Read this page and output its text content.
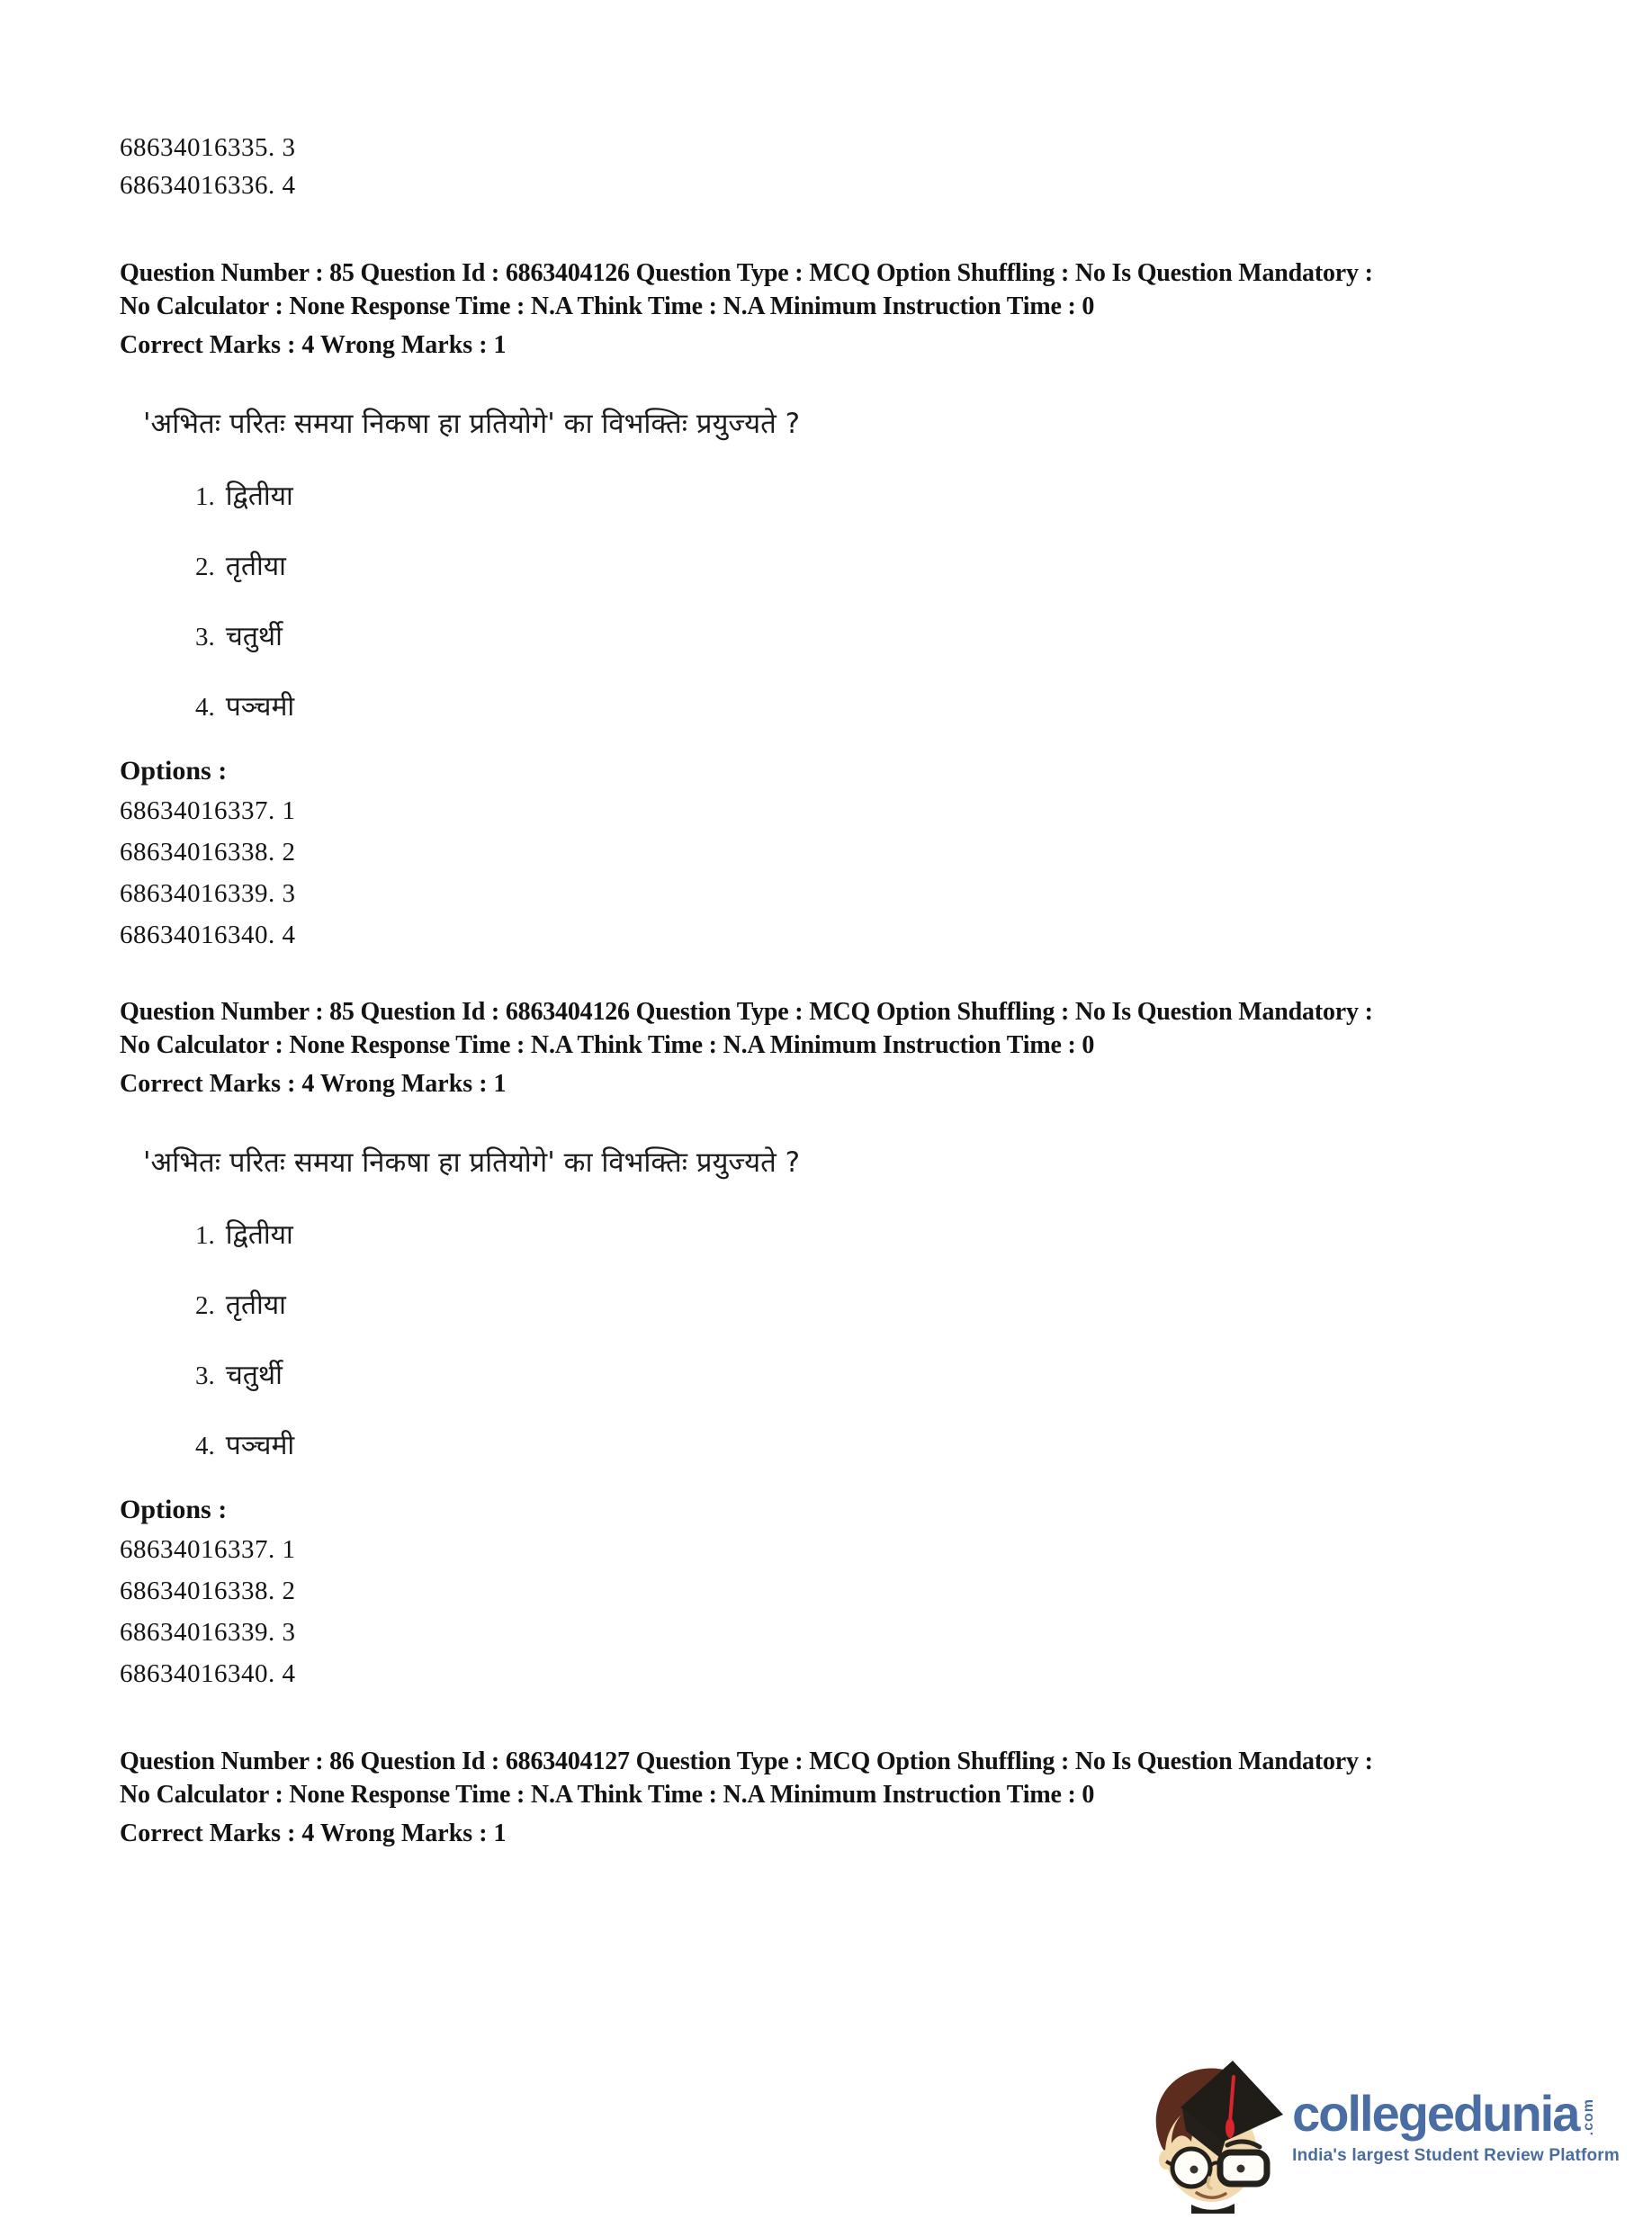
68634016335. 3
68634016336. 4
Question Number : 85 Question Id : 6863404126 Question Type : MCQ Option Shuffling : No Is Question Mandatory :
No Calculator : None Response Time : N.A Think Time : N.A Minimum Instruction Time : 0
Correct Marks : 4 Wrong Marks : 1
'अभितः परितः समया निकषा हा प्रतियोगे' का विभक्तिः प्रयुज्यते ?
1. द्वितीया
2. तृतीया
3. चतुर्थी
4. पञ्चमी
Options :
68634016337. 1
68634016338. 2
68634016339. 3
68634016340. 4
Question Number : 85 Question Id : 6863404126 Question Type : MCQ Option Shuffling : No Is Question Mandatory :
No Calculator : None Response Time : N.A Think Time : N.A Minimum Instruction Time : 0
Correct Marks : 4 Wrong Marks : 1
'अभितः परितः समया निकषा हा प्रतियोगे' का विभक्तिः प्रयुज्यते ?
1. द्वितीया
2. तृतीया
3. चतुर्थी
4. पञ्चमी
Options :
68634016337. 1
68634016338. 2
68634016339. 3
68634016340. 4
Question Number : 86 Question Id : 6863404127 Question Type : MCQ Option Shuffling : No Is Question Mandatory :
No Calculator : None Response Time : N.A Think Time : N.A Minimum Instruction Time : 0
Correct Marks : 4 Wrong Marks : 1
collegedunia .com
India's largest Student Review Platform
